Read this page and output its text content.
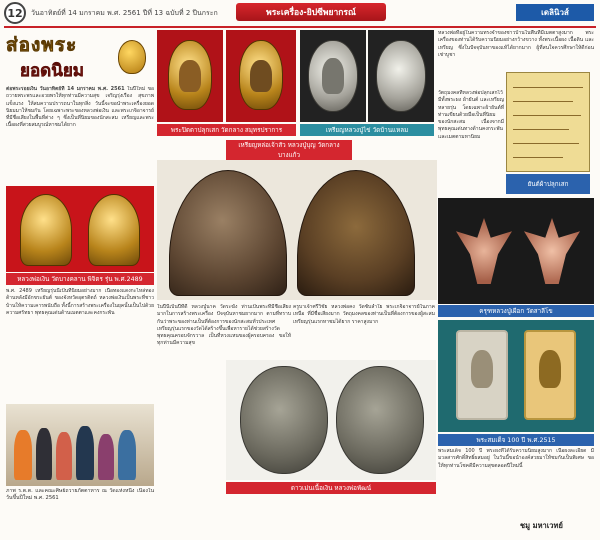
12	วันอาทิตย์ที่ 14 มกราคม พ.ศ. 2561 ปีที่ 13 ฉบับที่ 2 ปีนกระก	พระเครื่อง-ยิปซีพยากรณ์	เดลินิวส์
ส่องพระ
ยอดนิยม
ต่อพระรอยเงิน วันอาทิตย์ที่ 14 มกราคม พ.ศ. 2561 ในปีใหม่ ขอถวายพระพรและอวยพรให้ทุกท่านมีความสุข เจริญรุ่งเรือง สุขภาพแข็งแรง ให้สมความปรารถนาในทุกสิ่ง วันนี้จะขอนำพระเครื่องยอดนิยมมาให้ชมกัน โดยเฉพาะพระของหลวงพ่อเงิน และพระเกจิอาจารย์ที่มีชื่อเสียงในพื้นที่ต่าง ๆ ซึ่งเป็นที่นิยมของนักสะสม เหรียญและพระเนื้อผงที่สวยสมบูรณ์หาชมได้ยาก
พระปิดตาปลุกเสก วัดกลาง สมุทรปราการ	เหรียญหลวงปู่ไข่ วัดบ้านแหลม
หลวงพ่อที่อยู่ในความทรงจำของชาวบ้านในพื้นที่มีเมตตาสูงมาก พระเครื่องของท่านได้รับความนิยมอย่างกว้างขวาง ทั้งพระเนื้อผง เนื้อดิน และเหรียญ ซึ่งในปัจจุบันหาของแท้ได้ยากมาก ผู้ที่สนใจควรศึกษาให้ดีก่อนเช่าบูชา
ยันต์ผ้าปลุกเสก
วัตถุมงคลที่หลวงพ่อปลุกเสกไว้ มีทั้งพระผง ผ้ายันต์ และเหรียญหลายรุ่น โดยเฉพาะผ้ายันต์ที่ท่านเขียนด้วยมือเป็นที่นิยมของนักสะสม เนื่องจากมีพุทธคุณเด่นทางด้านคงกระพันและเมตตามหานิยม
หลวงพ่อเงิน วัดบางคลาน พิจิตร รุ่น พ.ศ.2489
พ.ศ. 2489 เหรียญรุ่นนี้เป็นที่นิยมอย่างมาก เนื้อทองแดงกะไหล่ทอง ด้านหลังมีอักขระยันต์ ของจังหวัดอุตรดิตถ์ หลวงพ่อเงินเป็นพระที่ชาวบ้านให้ความเคารพนับถือ ทั้งนี้การสร้างพระเครื่องในยุคนั้นเป็นไปด้วยความศรัทธา พุทธคุณเด่นด้านเมตตาและคงกระพัน
เหรียญหล่อเจ้าสัว หลวงปู่บุญ วัดกลางบางแก้ว
ในปีนี้เป็นปีที่ดี หลวงปู่นาค วัดระฆัง ท่านเป็นพระที่มีชื่อเสียงมากในการสร้างพระเครื่อง ปัจจุบันหาชมยากมาก ตามที่ทราบกันว่าพระของท่านเป็นที่ต้องการของนักสะสมทั่วประเทศ เหรียญรุ่นแรกของวัดได้สร้างขึ้นเพื่อหารายได้ช่วยสร้างวัด พุทธคุณครอบจักรวาล เป็นที่หวงแหนของผู้ครอบครอง ขอให้ทุกท่านมีความสุข
ครุฑหลวงปู่เผือก วัดสาลีโข
ครูบาเจ้าศรีวิชัย หลวงพ่อคง วัดซับลำใย พระเกจิอาจารย์ในภาคเหนือ ที่มีชื่อเสียงมาก วัตถุมงคลของท่านเป็นที่ต้องการของผู้สะสม เหรียญรุ่นแรกหาชมได้ยาก ราคาสูงมาก
ดาวเม่นเนื้อเงิน หลวงพ่อพัฒน์
ภาพ ร.ต.ต. และคณะศิษย์ถวายภัตตาหาร ณ วัดแห่งหนึ่ง เนื่องในวันขึ้นปีใหม่ พ.ศ. 2561
พระสมเด็จ 100 ปี พ.ศ.2515
พระสมเด็จ 100 ปี พระผงที่ได้รับความนิยมสูงมาก เนื้อผงละเอียด มีมวลสารศักดิ์สิทธิ์ผสมอยู่ ในวันนี้ขอนำองค์สวยมาให้ชมกันเป็นพิเศษ ขอให้ทุกท่านโชคดีมีความสุขตลอดปีใหม่นี้
ชมู มหาเวทย์
